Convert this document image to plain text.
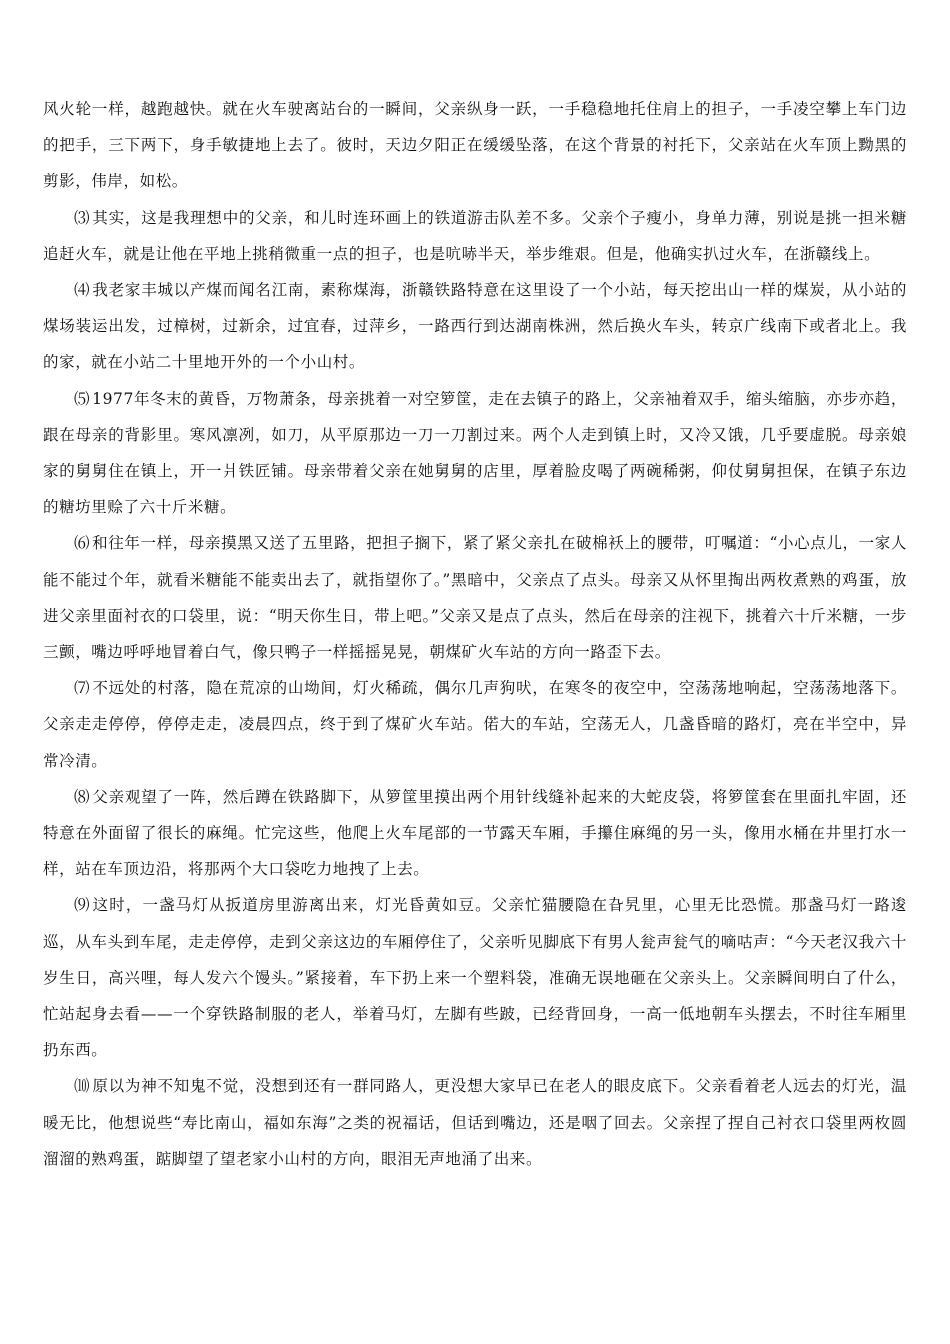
风火轮一样，越跑越快。就在火车驶离站台的一瞬间，父亲纵身一跃，一手稳稳地托住肩上的担子，一手凌空攀上车门边的把手，三下两下，身手敏捷地上去了。彼时，天边夕阳正在缓缓坠落，在这个背景的衬托下，父亲站在火车顶上黝黑的剪影，伟岸，如松。

⑶ 其实，这是我理想中的父亲，和儿时连环画上的铁道游击队差不多。父亲个子瘦小，身单力薄，别说是挑一担米糖追赶火车，就是让他在平地上挑稍微重一点的担子，也是吭哧半天，举步维艰。但是，他确实扒过火车，在浙赣线上。

⑷ 我老家丰城以产煤而闻名江南，素称煤海，浙赣铁路特意在这里设了一个小站，每天挖出山一样的煤炭，从小站的煤场装运出发，过樟树，过新余，过宜春，过萍乡，一路西行到达湖南株洲，然后换火车头，转京广线南下或者北上。我的家，就在小站二十里地开外的一个小山村。

⑸ 1977年冬末的黄昏，万物萧条，母亲挑着一对空箩筐，走在去镇子的路上，父亲袖着双手，缩头缩脑，亦步亦趋，跟在母亲的背影里。寒风凛冽，如刀，从平原那边一刀一刀割过来。两个人走到镇上时，又冷又饿，几乎要虚脱。母亲娘家的舅舅住在镇上，开一爿铁匠铺。母亲带着父亲在她舅舅的店里，厚着脸皮喝了两碗稀粥，仰仗舅舅担保，在镇子东边的糖坊里赊了六十斤米糖。

⑹ 和往年一样，母亲摸黑又送了五里路，把担子搁下，紧了紧父亲扎在破棉袄上的腰带，叮嘱道：“小心点儿，一家人能不能过个年，就看米糖能不能卖出去了，就指望你了。”黑暗中，父亲点了点头。母亲又从怀里掏出两枚煮熟的鸡蛋，放进父亲里面衬衣的口袋里，说：“明天你生日，带上吧。”父亲又是点了点头，然后在母亲的注视下，挑着六十斤米糖，一步三颤，嘴边呼呼地冒着白气，像只鸭子一样摇摇晃晃，朝煤矿火车站的方向一路歪下去。

⑺ 不远处的村落，隐在荒凉的山坳间，灯火稀疏，偶尔几声狗吠，在寒冬的夜空中，空荡荡地响起，空荡荡地落下。父亲走走停停，停停走走，凌晨四点，终于到了煤矿火车站。偌大的车站，空荡无人，几盏昏暗的路灯，亮在半空中，异常冷清。

⑻ 父亲观望了一阵，然后蹲在铁路脚下，从箩筐里摸出两个用针线缝补起来的大蛇皮袋，将箩筐套在里面扎牢固，还特意在外面留了很长的麻绳。忙完这些，他爬上火车尾部的一节露天车厢，手攥住麻绳的另一头，像用水桶在井里打水一样，站在车顶边沿，将那两个大口袋吃力地拽了上去。

⑼ 这时，一盏马灯从扳道房里游离出来，灯光昏黄如豆。父亲忙猫腰隐在旮旯里，心里无比恐慌。那盏马灯一路逡巡，从车头到车尾，走走停停，走到父亲这边的车厢停住了，父亲听见脚底下有男人瓮声瓮气的嘀咕声：“今天老汉我六十岁生日，高兴哩，每人发六个馒头。”紧接着，车下扔上来一个塑料袋，准确无误地砸在父亲头上。父亲瞬间明白了什么，忙站起身去看——一个穿铁路制服的老人，举着马灯，左脚有些跛，已经背回身，一高一低地朝车头摆去，不时往车厢里扔东西。

⑽ 原以为神不知鬼不觉，没想到还有一群同路人，更没想大家早已在老人的眼皮底下。父亲看着老人远去的灯光，温暖无比，他想说些“寿比南山，福如东海”之类的祝福话，但话到嘴边，还是咽了回去。父亲捏了捏自己衬衣口袋里两枚圆溜溜的熟鸡蛋，踮脚望了望老家小山村的方向，眼泪无声地涌了出来。
